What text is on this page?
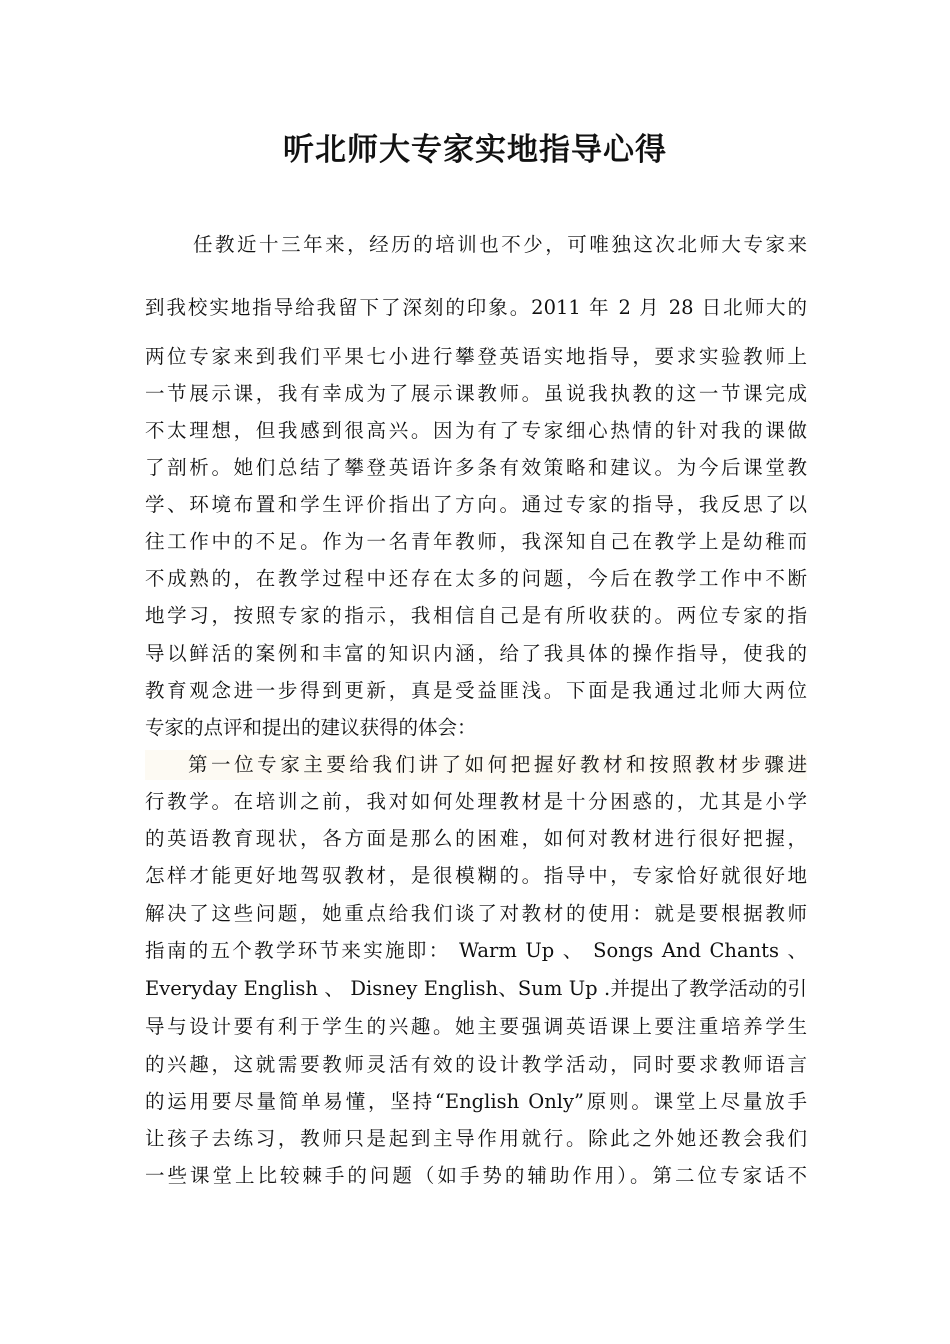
听北师大专家实地指导心得
任教近十三年来，经历的培训也不少，可唯独这次北师大专家来
到我校实地指导给我留下了深刻的印象。2011 年 2 月 28 日北师大的
两位专家来到我们平果七小进行攀登英语实地指导，要求实验教师上
一节展示课，我有幸成为了展示课教师。虽说我执教的这一节课完成
不太理想，但我感到很高兴。因为有了专家细心热情的针对我的课做
了剖析。她们总结了攀登英语许多条有效策略和建议。为今后课堂教
学、环境布置和学生评价指出了方向。通过专家的指导，我反思了以
往工作中的不足。作为一名青年教师，我深知自己在教学上是幼稚而
不成熟的，在教学过程中还存在太多的问题，今后在教学工作中不断
地学习，按照专家的指示，我相信自己是有所收获的。两位专家的指
导以鲜活的案例和丰富的知识内涵，给了我具体的操作指导，使我的
教育观念进一步得到更新，真是受益匪浅。下面是我通过北师大两位
专家的点评和提出的建议获得的体会：
第一位专家主要给我们讲了如何把握好教材和按照教材步骤进
行教学。在培训之前，我对如何处理教材是十分困惑的，尤其是小学
的英语教育现状，各方面是那么的困难，如何对教材进行很好把握，
怎样才能更好地驾驭教材，是很模糊的。指导中，专家恰好就很好地
解决了这些问题，她重点给我们谈了对教材的使用：就是要根据教师
指南的五个教学环节来实施即： Warm Up 、 Songs And Chants 、
Everyday English 、 Disney English、Sum Up .并提出了教学活动的引
导与设计要有利于学生的兴趣。她主要强调英语课上要注重培养学生
的兴趣，这就需要教师灵活有效的设计教学活动，同时要求教师语言
的运用要尽量简单易懂，坚持“English Only”原则。课堂上尽量放手
让孩子去练习，教师只是起到主导作用就行。除此之外她还教会我们
一些课堂上比较棘手的问题（如手势的辅助作用）。第二位专家话不
